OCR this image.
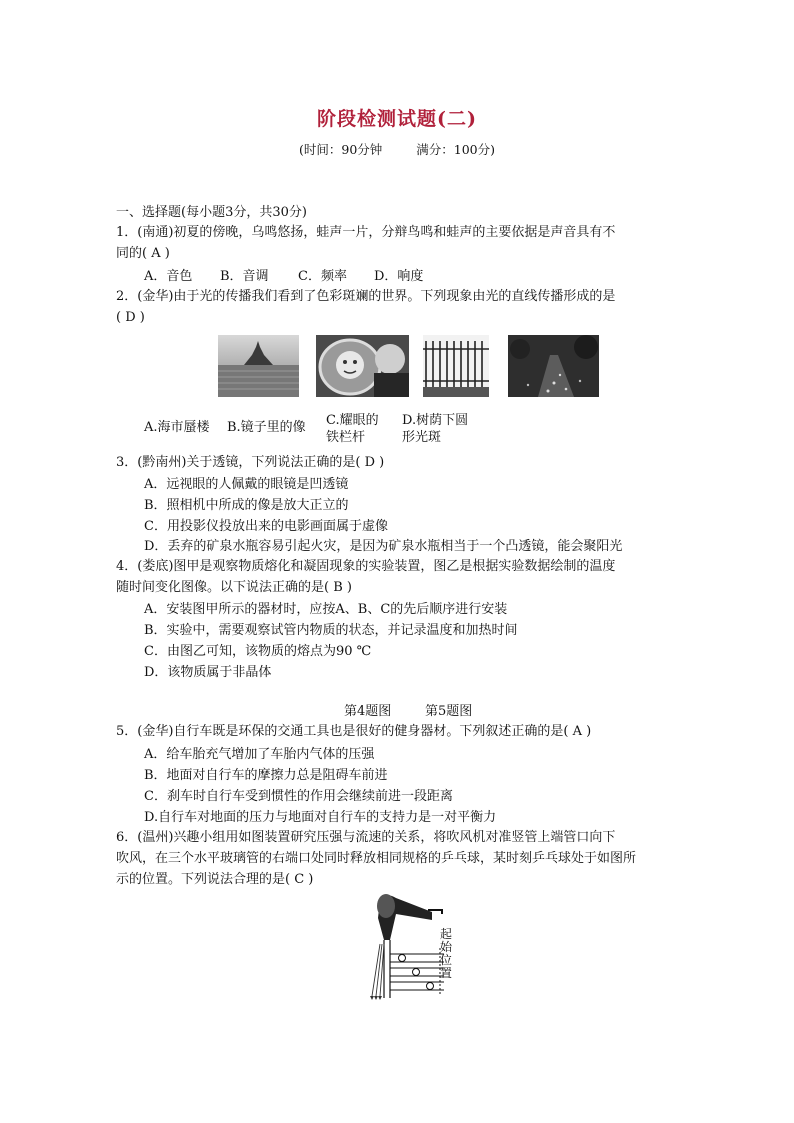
阶段检测试题(二)
(时间：90分钟	满分：100分)
一、选择题(每小题3分，共30分)
1．(南通)初夏的傍晚，乌鸣悠扬，蛙声一片，分辩鸟鸣和蛙声的主要依据是声音具有不
同的( A )
A．音色 B．音调 C．频率 D．响度
2．(金华)由于光的传播我们看到了色彩斑斓的世界。下列现象由光的直线传播形成的是
( D )
A.海市蜃楼 B.镜子里的像 C.耀眼的
铁栏杆
D.树荫下圆
形光斑
3．(黔南州)关于透镜，下列说法正确的是( D )
A．远视眼的人佩戴的眼镜是凹透镜
B．照相机中所成的像是放大正立的
C．用投影仪投放出来的电影画面属于虚像
D．丢弃的矿泉水瓶容易引起火灾，是因为矿泉水瓶相当于一个凸透镜，能会聚阳光
4．(娄底)图甲是观察物质熔化和凝固现象的实验装置，图乙是根据实验数据绘制的温度
随时间变化图像。以下说法正确的是( B )
A．安装图甲所示的器材时，应按A、B、C的先后顺序进行安装
B．实验中，需要观察试管内物质的状态，并记录温度和加热时间
C．由图乙可知，该物质的熔点为90 ℃
D．该物质属于非晶体
第4题图	第5题图
5．(金华)自行车既是环保的交通工具也是很好的健身器材。下列叙述正确的是( A )
A．给车胎充气增加了车胎内气体的压强
B．地面对自行车的摩擦力总是阻碍车前进
C．刹车时自行车受到惯性的作用会继续前进一段距离
D.自行车对地面的压力与地面对自行车的支持力是一对平衡力
6．(温州)兴趣小组用如图装置研究压强与流速的关系，将吹风机对准竖管上端管口向下
吹风，在三个水平玻璃管的右端口处同时释放相同规格的乒乓球，某时刻乒乓球处于如图所
示的位置。下列说法合理的是( C )
起始位置
